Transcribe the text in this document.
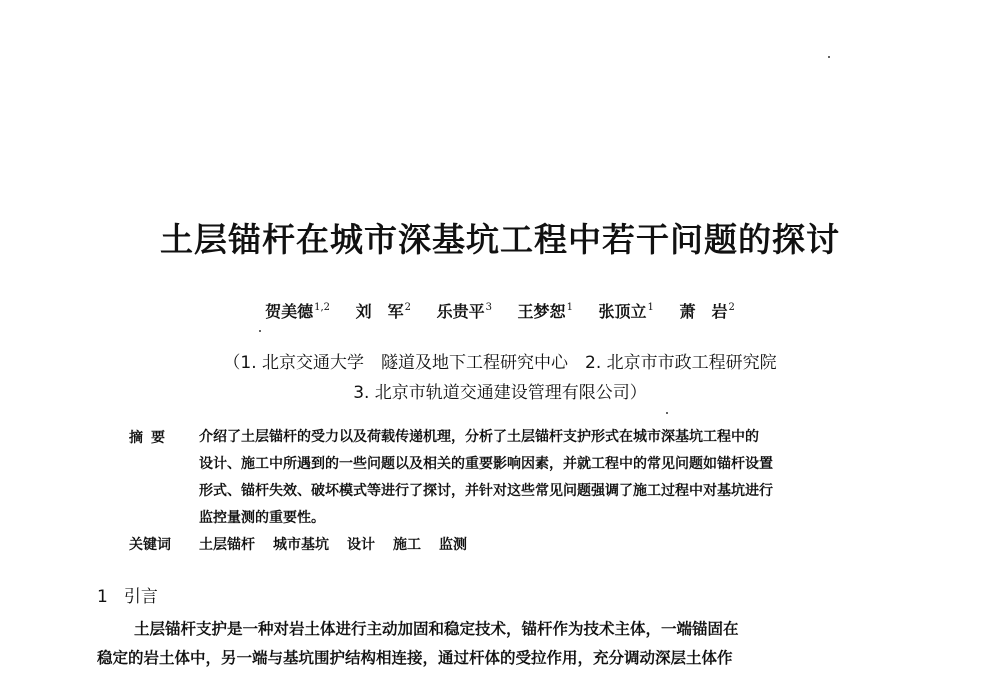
土层锚杆在城市深基坑工程中若干问题的探讨
贺美德$^{1,2}$ 刘　军$^2$ 乐贵平$^3$ 王梦恕$^1$ 张顶立$^1$ 萧　岩$^2$
（1. 北京交通大学　隧道及地下工程研究中心　2. 北京市市政工程研究院
3. 北京市轨道交通建设管理有限公司）
摘要	介绍了土层锚杆的受力以及荷载传递机理，分析了土层锚杆支护形式在城市深基坑工程中的
设计、施工中所遇到的一些问题以及相关的重要影响因素，并就工程中的常见问题如锚杆设置
形式、锚杆失效、破坏模式等进行了探讨，并针对这些常见问题强调了施工过程中对基坑进行
监控量测的重要性。
关键词	土层锚杆 城市基坑 设计 施工 监测
1 引言
土层锚杆支护是一种对岩土体进行主动加固和稳定技术，锚杆作为技术主体，一端锚固在
稳定的岩土体中，另一端与基坑围护结构相连接，通过杆体的受拉作用，充分调动深层土体作
